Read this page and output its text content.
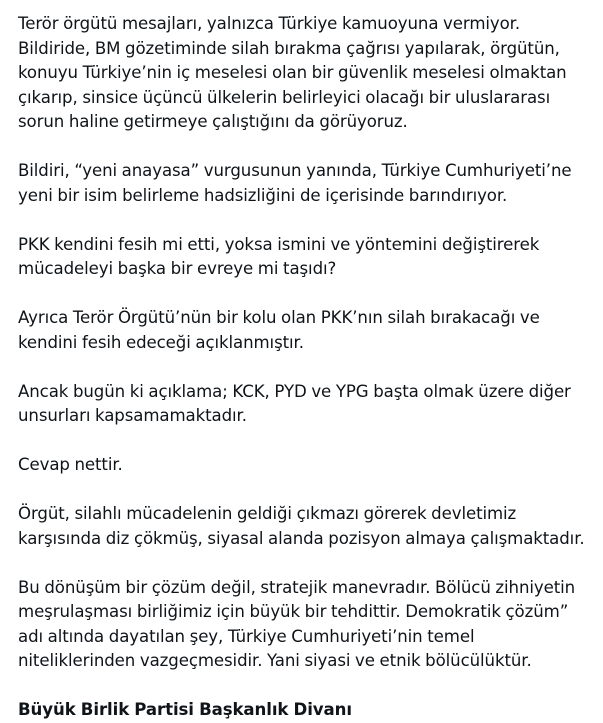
Terör örgütü mesajları, yalnızca Türkiye kamuoyuna vermiyor. Bildiride, BM gözetiminde silah bırakma çağrısı yapılarak, örgütün, konuyu Türkiye’nin iç meselesi olan bir güvenlik meselesi olmaktan çıkarıp, sinsice üçüncü ülkelerin belirleyici olacağı bir uluslararası sorun haline getirmeye çalıştığını da görüyoruz.

Bildiri, “yeni anayasa” vurgusunun yanında, Türkiye Cumhuriyeti’ne yeni bir isim belirleme hadsizliğini de içerisinde barındırıyor.

PKK kendini fesih mi etti, yoksa ismini ve yöntemini değiştirerek mücadeleyi başka bir evreye mi taşıdı?

Ayrıca Terör Örgütü’nün bir kolu olan PKK’nın silah bırakacağı ve kendini fesih edeceği açıklanmıştır.

Ancak bugün ki açıklama; KCK, PYD ve YPG başta olmak üzere diğer unsurları kapsamamaktadır.

Cevap nettir.

Örgüt, silahlı mücadelenin geldiği çıkmazı görerek devletimiz karşısında diz çökmüş, siyasal alanda pozisyon almaya çalışmaktadır.

Bu dönüşüm bir çözüm değil, stratejik manevradır. Bölücü zihniyetin meşrulaşması birliğimiz için büyük bir tehdittir. Demokratik çözüm” adı altında dayatılan şey, Türkiye Cumhuriyeti’nin temel niteliklerinden vazgeçmesidir. Yani siyasi ve etnik bölücülüktür.

Büyük Birlik Partisi Başkanlık Divanı
